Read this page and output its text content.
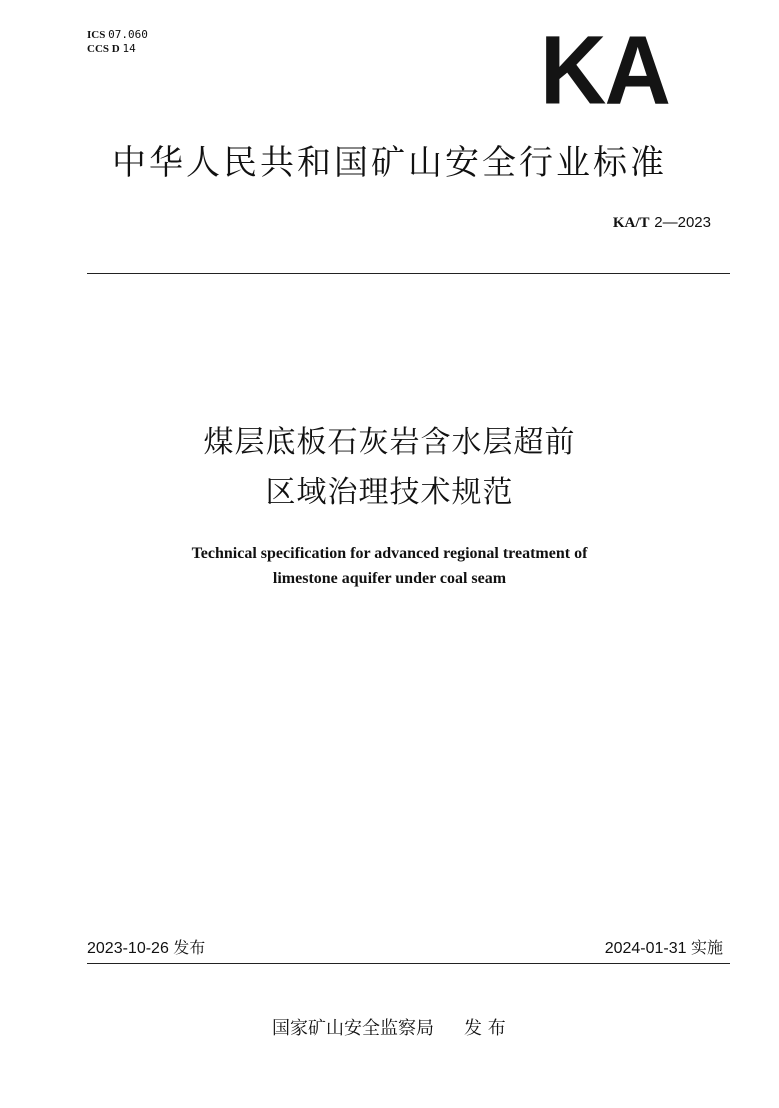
ICS 07.060
CCS D 14	KA
中华人民共和国矿山安全行业标准
KA/T 2—2023
煤层底板石灰岩含水层超前
区域治理技术规范
Technical specification for advanced regional treatment of
limestone aquifer under coal seam
2023-10-26 发布	2024-01-31 实施
国家矿山安全监察局 发 布
